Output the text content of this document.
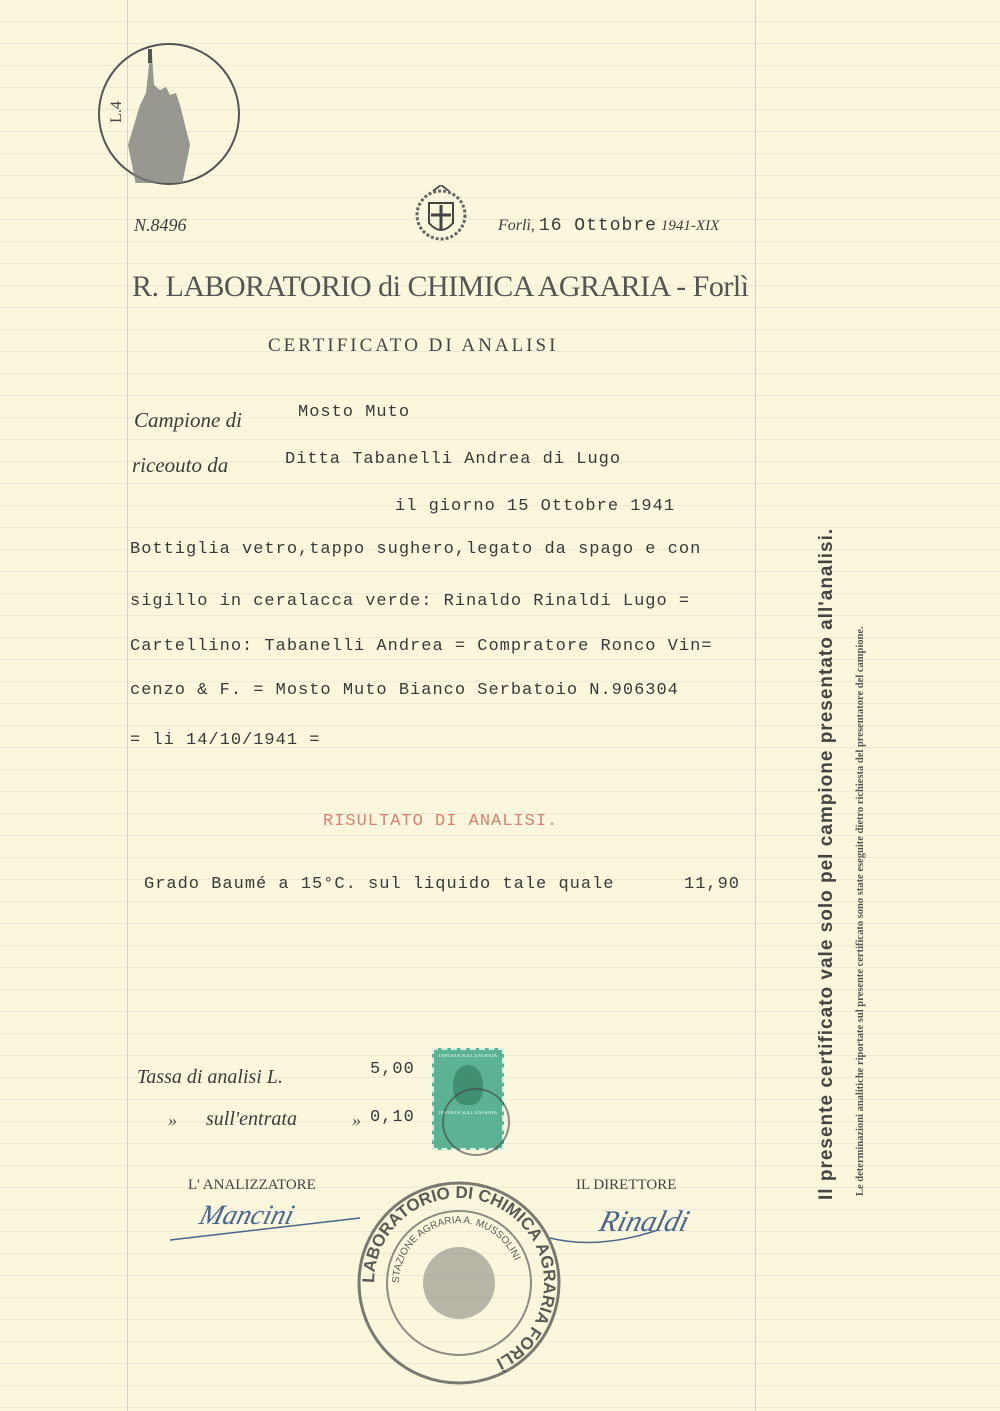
L.4
N.8496	Forlì, 16 Ottobre 1941-XIX
R. LABORATORIO di CHIMICA AGRARIA - Forlì
CERTIFICATO DI ANALISI
Campione di	Mosto Muto
riceouto da	Ditta Tabanelli Andrea di Lugo
il giorno 15 Ottobre 1941
Bottiglia vetro,tappo sughero,legato da spago e con
sigillo in ceralacca verde: Rinaldo Rinaldi Lugo =
Cartellino: Tabanelli Andrea = Compratore Ronco Vin=
cenzo & F. = Mosto Muto Bianco Serbatoio N.906304
= li 14/10/1941 =
RISULTATO DI ANALISI.
Grado Baumé a 15°C. sul liquido tale quale	11,90
Tassa di analisi L.	5,00
» sull'entrata	» 0,10
IMPOSTA SULL'ENTRATA
IMPOSTA SULL'ENTRATA
L' ANALIZZATORE	IL DIRETTORE
Mancini	Rinaldi
LABORATORIO DI CHIMICA AGRARIA FORLÌ
STAZIONE AGRARIA A. MUSSOLINI
Il presente certificato vale solo pel campione presentato all'analisi. Le determinazioni analitiche riportate sul presente certificato sono state eseguite dietro richiesta del presentatore del campione.
